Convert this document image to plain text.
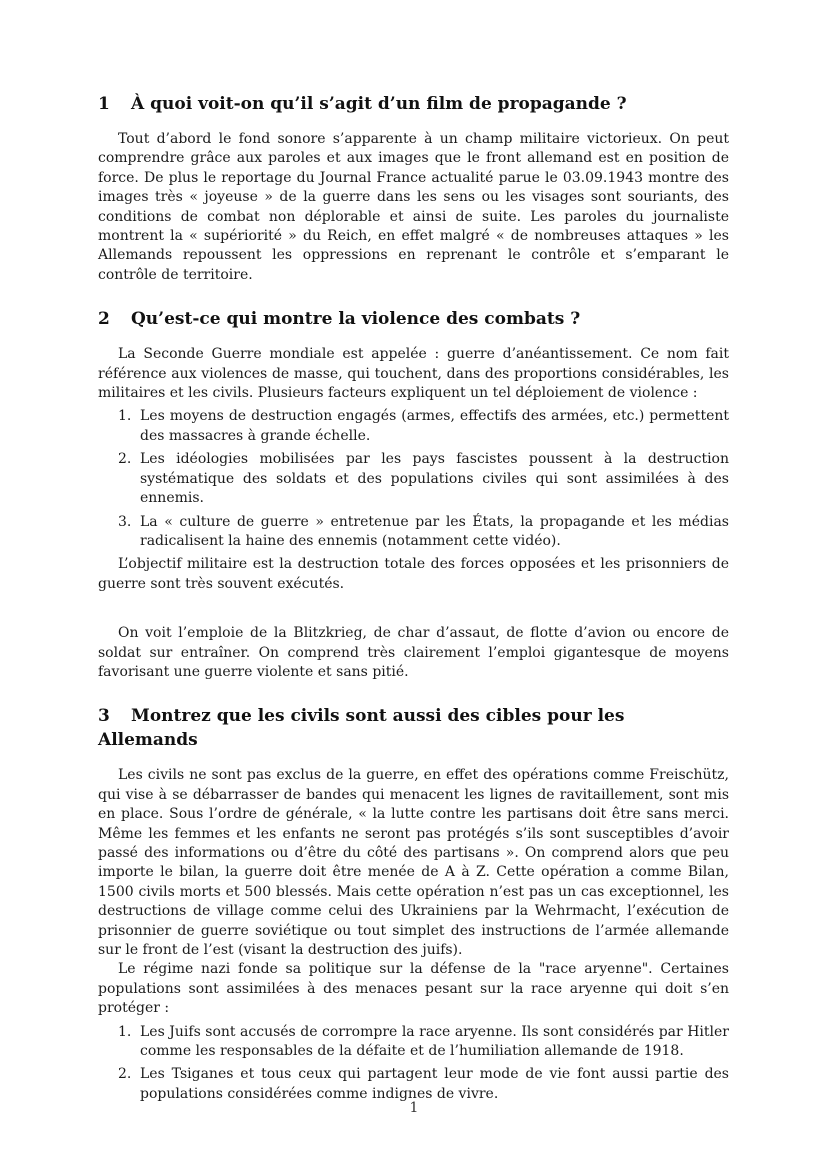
1 À quoi voit-on qu’il s’agit d’un film de propagande ?

Tout d’abord le fond sonore s’apparente à un champ militaire victorieux. On peut comprendre grâce aux paroles et aux images que le front allemand est en position de force. De plus le reportage du Journal France actualité parue le 03.09.1943 montre des images très « joyeuse » de la guerre dans les sens ou les visages sont souriants, des conditions de combat non déplorable et ainsi de suite. Les paroles du journaliste montrent la « supériorité » du Reich, en effet malgré « de nombreuses attaques » les Allemands repoussent les oppressions en reprenant le contrôle et s’emparant le contrôle de territoire.

2 Qu’est-ce qui montre la violence des combats ?

La Seconde Guerre mondiale est appelée : guerre d’anéantissement. Ce nom fait référence aux violences de masse, qui touchent, dans des proportions considérables, les militaires et les civils. Plusieurs facteurs expliquent un tel déploiement de violence :

1. Les moyens de destruction engagés (armes, effectifs des armées, etc.) permettent des massacres à grande échelle.
2. Les idéologies mobilisées par les pays fascistes poussent à la destruction systématique des soldats et des populations civiles qui sont assimilées à des ennemis.
3. La « culture de guerre » entretenue par les États, la propagande et les médias radicalisent la haine des ennemis (notamment cette vidéo).

L’objectif militaire est la destruction totale des forces opposées et les prisonniers de guerre sont très souvent exécutés.

On voit l’emploie de la Blitzkrieg, de char d’assaut, de flotte d’avion ou encore de soldat sur entraîner. On comprend très clairement l’emploi gigantesque de moyens favorisant une guerre violente et sans pitié.

3 Montrez que les civils sont aussi des cibles pour les Allemands

Les civils ne sont pas exclus de la guerre, en effet des opérations comme Freischütz, qui vise à se débarrasser de bandes qui menacent les lignes de ravitaillement, sont mis en place. Sous l’ordre de générale, « la lutte contre les partisans doit être sans merci. Même les femmes et les enfants ne seront pas protégés s’ils sont susceptibles d’avoir passé des informations ou d’être du côté des partisans ». On comprend alors que peu importe le bilan, la guerre doit être menée de A à Z. Cette opération a comme Bilan, 1500 civils morts et 500 blessés. Mais cette opération n’est pas un cas exceptionnel, les destructions de village comme celui des Ukrainiens par la Wehrmacht, l’exécution de prisonnier de guerre soviétique ou tout simplet des instructions de l’armée allemande sur le front de l’est (visant la destruction des juifs).

Le régime nazi fonde sa politique sur la défense de la "race aryenne". Certaines populations sont assimilées à des menaces pesant sur la race aryenne qui doit s’en protéger :

1. Les Juifs sont accusés de corrompre la race aryenne. Ils sont considérés par Hitler comme les responsables de la défaite et de l’humiliation allemande de 1918.
2. Les Tsiganes et tous ceux qui partagent leur mode de vie font aussi partie des populations considérées comme indignes de vivre.
1
